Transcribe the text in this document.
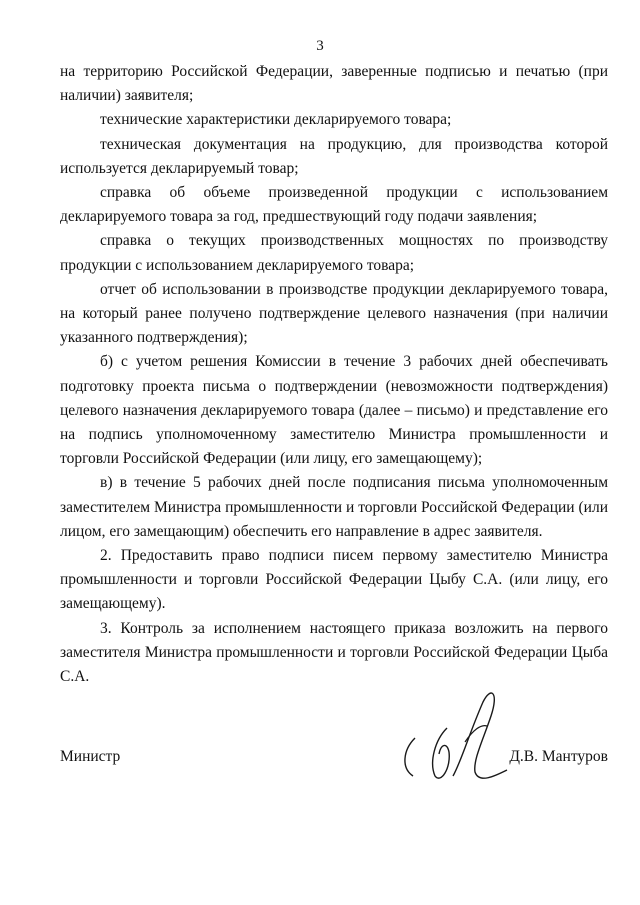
3

на территорию Российской Федерации, заверенные подписью и печатью (при наличии) заявителя;

технические характеристики декларируемого товара;

техническая документация на продукцию, для производства которой используется декларируемый товар;

справка об объеме произведенной продукции с использованием декларируемого товара за год, предшествующий году подачи заявления;

справка о текущих производственных мощностях по производству продукции с использованием декларируемого товара;

отчет об использовании в производстве продукции декларируемого товара, на который ранее получено подтверждение целевого назначения (при наличии указанного подтверждения);

б) с учетом решения Комиссии в течение 3 рабочих дней обеспечивать подготовку проекта письма о подтверждении (невозможности подтверждения) целевого назначения декларируемого товара (далее – письмо) и представление его на подпись уполномоченному заместителю Министра промышленности и торговли Российской Федерации (или лицу, его замещающему);

в) в течение 5 рабочих дней после подписания письма уполномоченным заместителем Министра промышленности и торговли Российской Федерации (или лицом, его замещающим) обеспечить его направление в адрес заявителя.

2. Предоставить право подписи писем первому заместителю Министра промышленности и торговли Российской Федерации Цыбу С.А. (или лицу, его замещающему).

3. Контроль за исполнением настоящего приказа возложить на первого заместителя Министра промышленности и торговли Российской Федерации Цыба С.А.

Министр	Д.В. Мантуров
